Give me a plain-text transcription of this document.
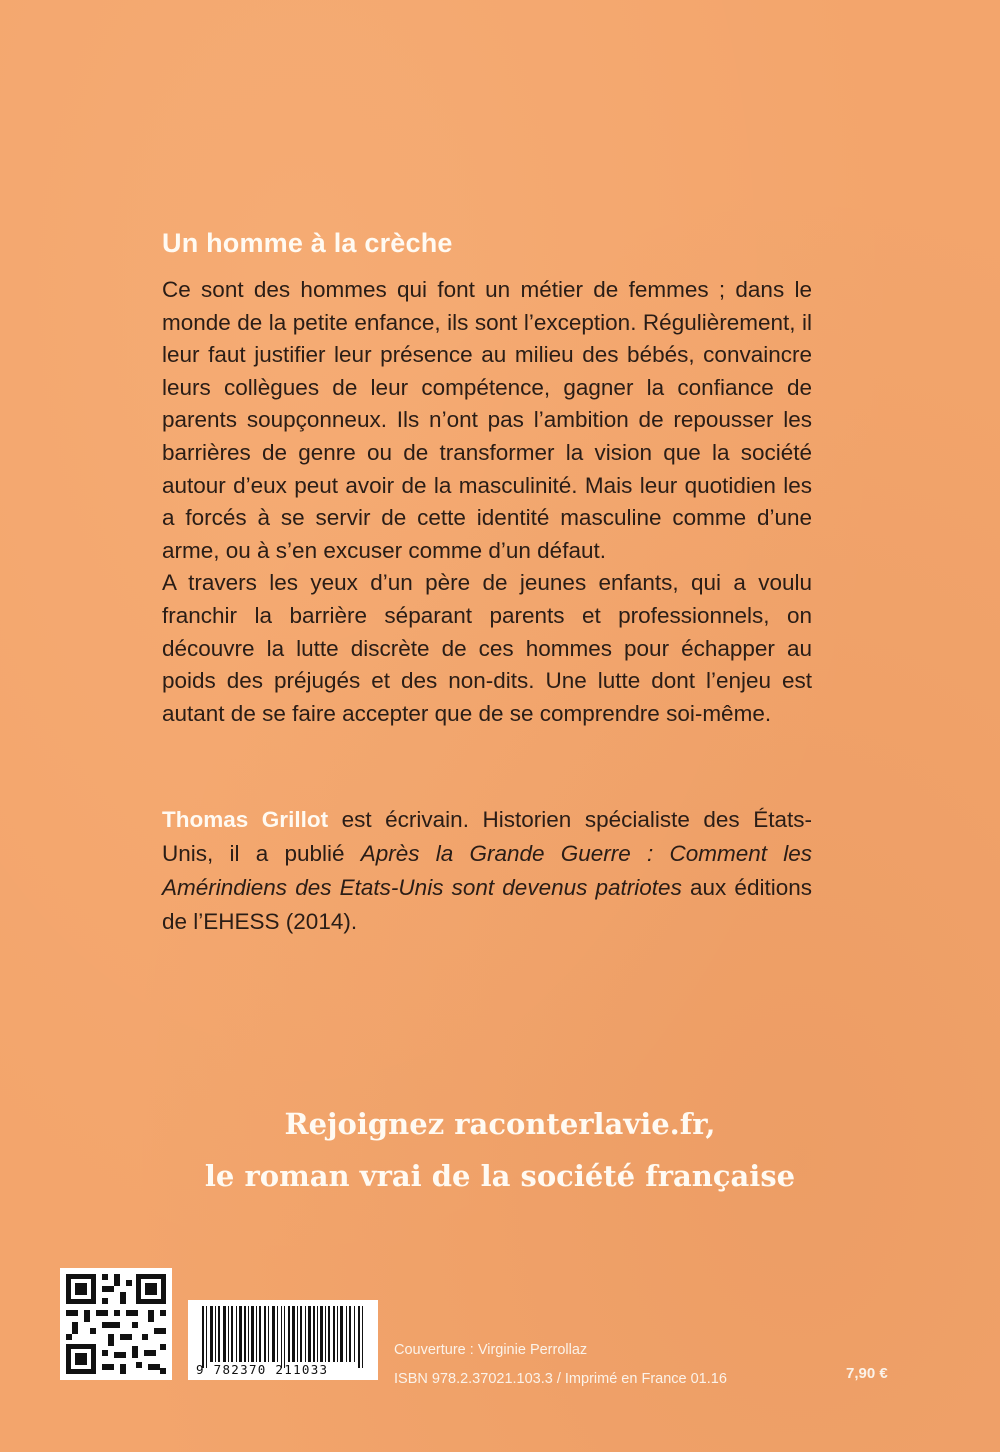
Un homme à la crèche

Ce sont des hommes qui font un métier de femmes ; dans le monde de la petite enfance, ils sont l’exception. Régulièrement, il leur faut justifier leur présence au milieu des bébés, convaincre leurs collègues de leur compétence, gagner la confiance de parents soupçonneux. Ils n’ont pas l’ambition de repousser les barrières de genre ou de transformer la vision que la société autour d’eux peut avoir de la masculinité. Mais leur quotidien les a forcés à se servir de cette identité masculine comme d’une arme, ou à s’en excuser comme d’un défaut.

A travers les yeux d’un père de jeunes enfants, qui a voulu franchir la barrière séparant parents et professionnels, on découvre la lutte discrète de ces hommes pour échapper au poids des préjugés et des non-dits. Une lutte dont l’enjeu est autant de se faire accepter que de se comprendre soi-même.

Thomas Grillot est écrivain. Historien spécialiste des États-Unis, il a publié Après la Grande Guerre : Comment les Amérindiens des Etats-Unis sont devenus patriotes aux éditions de l’EHESS (2014).

Rejoignez raconterlavie.fr,
le roman vrai de la société française
9 782370 211033
Couverture : Virginie Perrollaz
ISBN 978.2.37021.103.3 / Imprimé en France 01.16	7,90 €
